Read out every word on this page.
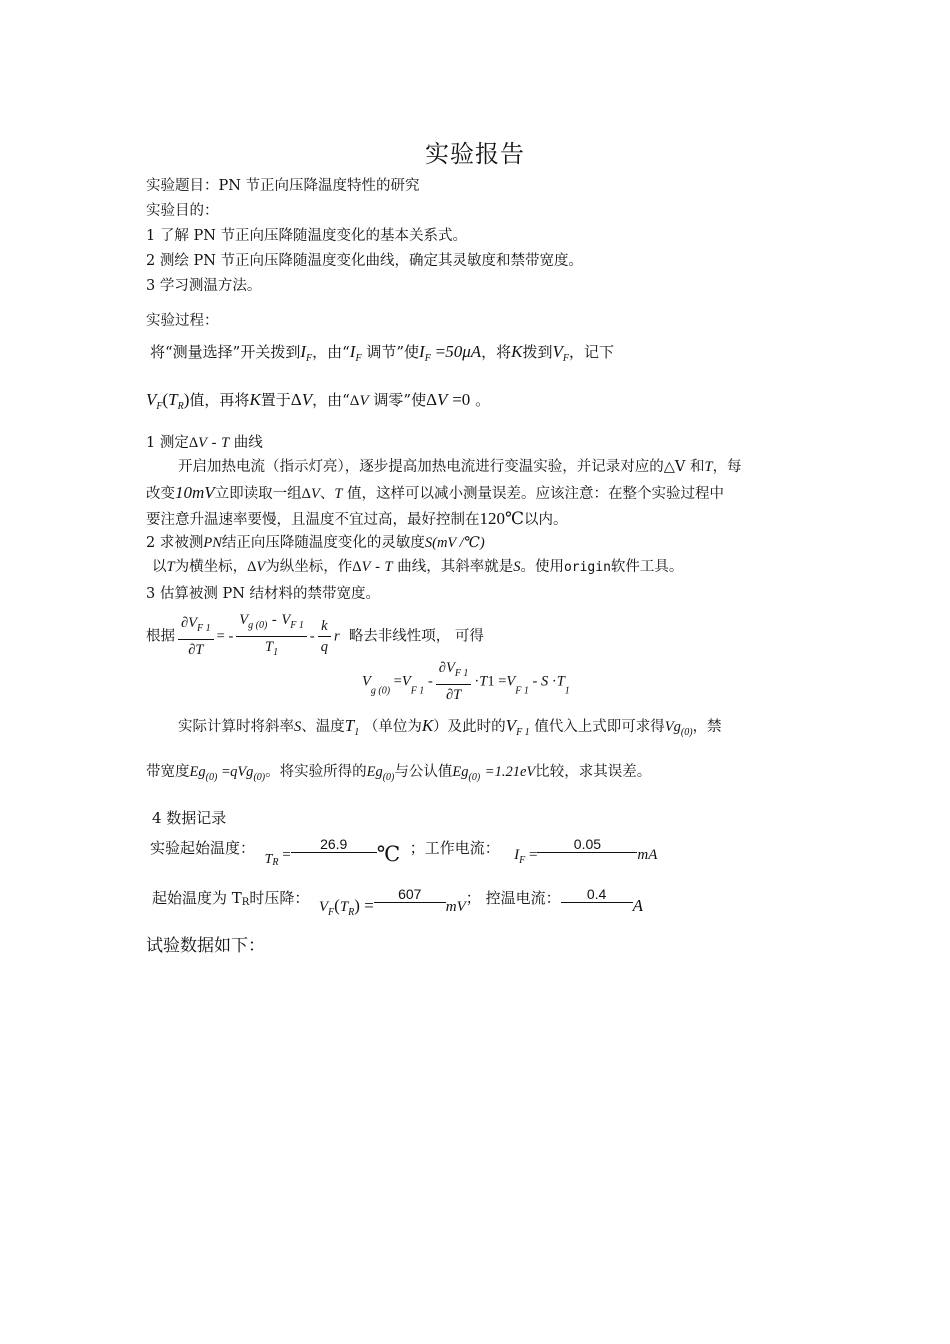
实验报告
实验题目：PN 节正向压降温度特性的研究
实验目的：
1 了解 PN 节正向压降随温度变化的基本关系式。
2 测绘 PN 节正向压降随温度变化曲线，确定其灵敏度和禁带宽度。
3 学习测温方法。
实验过程：
将“测量选择”开关拨到$I_F$，由“$I_F$ 调节”使$I_F =50\mu A$，将K拨到$V_F$，记下
$V_F(T_R)$值，再将K置于ΔV，由“ΔV 调零”使ΔV =0 。
1 测定ΔV - T 曲线
开启加热电流（指示灯亮），逐步提高加热电流进行变温实验，并记录对应的△V 和T，每
改变10mV立即读取一组ΔV、T 值，这样可以减小测量误差。应该注意：在整个实验过程中
要注意升温速率要慢，且温度不宜过高，最好控制在120℃以内。
2 求被测PN结正向压降随温度变化的灵敏度S(mV /℃)
以T为横坐标，ΔV为纵坐标，作ΔV - T 曲线，其斜率就是S。使用origin软件工具。
3 估算被测 PN 结材料的禁带宽度。
根据 $\frac{\partial V_{F 1}}{\partial T}$ = - $\frac{V_{g (0)} - V_{F 1}}{T_1} - \frac{k}{q}$ r 略去非线性项， 可得
$V_{g (0)} =V_{F 1} - \frac{\partial V_{F 1}}{\partial T} \cdot T1 =V_{F 1} - S \cdot T_1$
实际计算时将斜率S、温度$T_1$ （单位为K）及此时的$V_{F 1}$ 值代入上式即可求得$Vg_{(0)}$，禁
带宽度$Eg_{(0)} =qVg_{(0)}$。将实验所得的$Eg_{(0)}$与公认值$Eg_{(0)} =1.21eV$比较，求其误差。
4 数据记录
实验起始温度：  $T_R =26.9$ ℃ ；工作电流： $I_F =0.05mA$
起始温度为 TR时压降： $V_F(T_R) =607mV$； 控温电流： 0.4A
试验数据如下：
